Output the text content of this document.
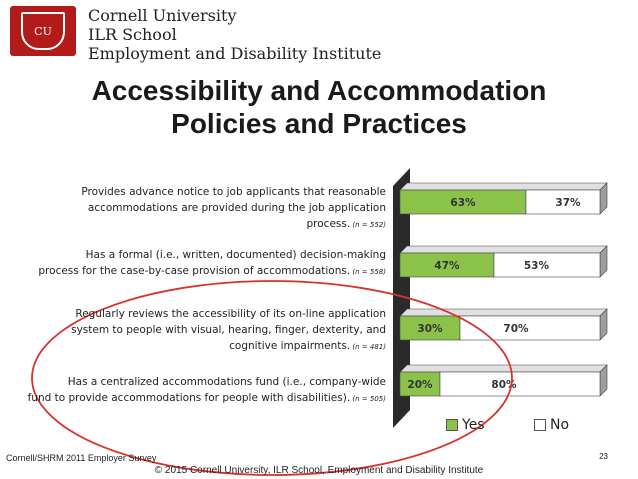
CU
Cornell University
ILR School
Employment and Disability Institute
Accessibility and Accommodation
Policies and Practices
63%	37%
47%	53%
30%	70%
20%	80%
Provides advance notice to job applicants that reasonable
accommodations are provided during the job application
process. (n = 552)
Has a formal (i.e., written, documented) decision-making
process for the case-by-case provision of accommodations. (n = 558)
Regularly reviews the accessibility of its on-line application
system to people with visual, hearing, finger, dexterity, and
cognitive impairments. (n = 481)
Has a centralized accommodations fund (i.e., company-wide
fund to provide accommodations for people with disabilities). (n = 505)
Yes	No
Cornell/SHRM 2011 Employer Survey	23
© 2015 Cornell University, ILR School, Employment and Disability Institute
